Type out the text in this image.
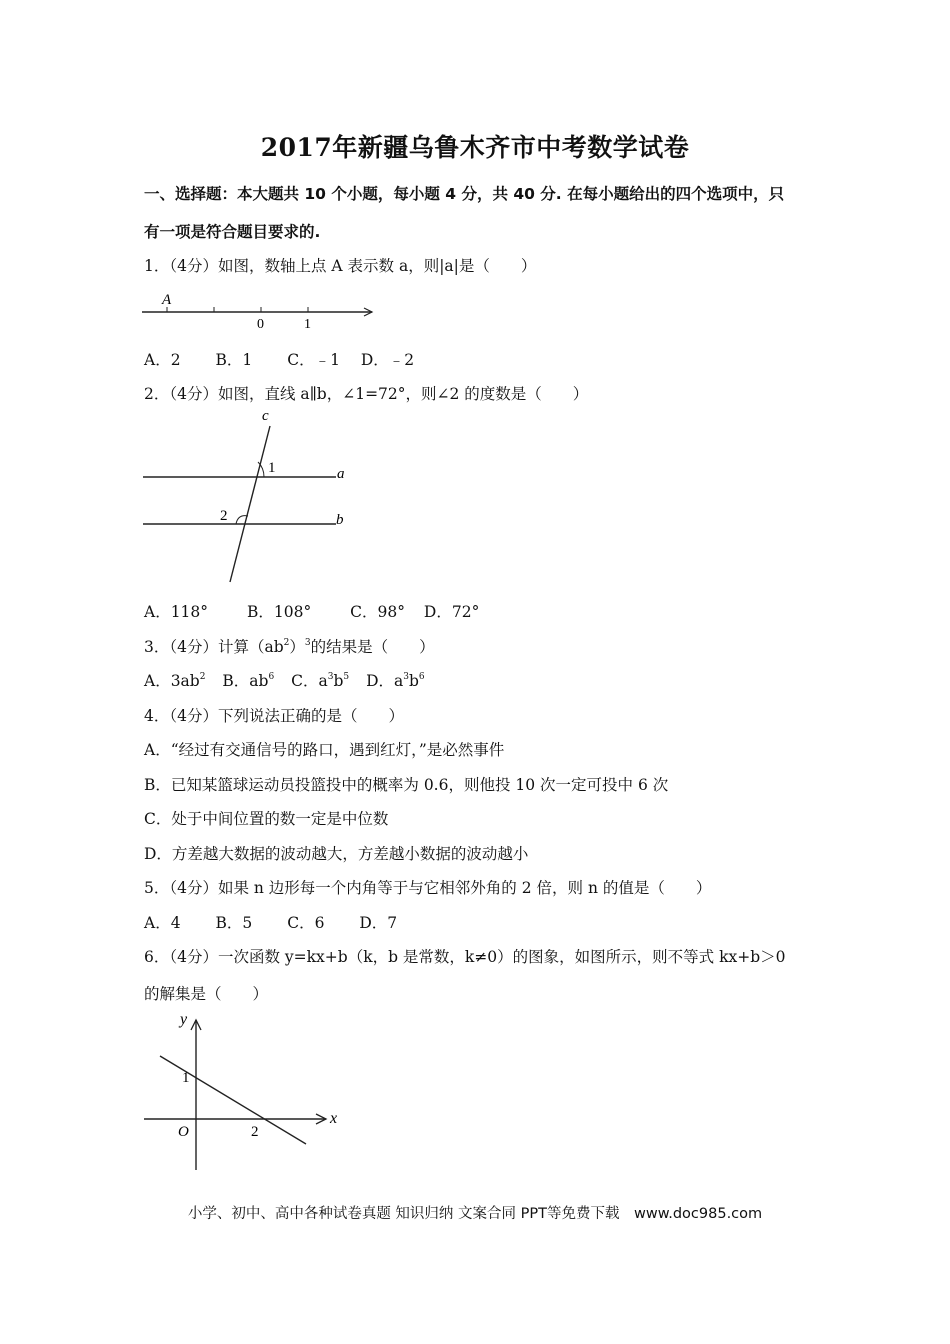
2017年新疆乌鲁木齐市中考数学试卷
一、选择题：本大题共 10 个小题，每小题 4 分，共 40 分. 在每小题给出的四个选项中，只
有一项是符合题目要求的.
1．（4分）如图，数轴上点 A 表示数 a，则|a|是（　　）
A
0	1
A．2 B．1 C．﹣1 D．﹣2
2．（4分）如图，直线 a∥b，∠1=72°，则∠2 的度数是（　　）
c
1	a
2	b
A．118°	B．108°	C．98° D．72°
3．（4分）计算$(ab^2)^3$的结果是（　　）
A．$3ab^2$ B．$ab^6$ C．$a^3b^5$ D．$a^3b^6$
4．（4分）下列说法正确的是（　　）
A．“经过有交通信号的路口，遇到红灯，”是必然事件
B．已知某篮球运动员投篮投中的概率为 0.6，则他投 10 次一定可投中 6 次
C．处于中间位置的数一定是中位数
D．方差越大数据的波动越大，方差越小数据的波动越小
5．（4分）如果 n 边形每一个内角等于与它相邻外角的 2 倍，则 n 的值是（　　）
A．4 B．5 C．6 D．7
6．（4分）一次函数 y=kx+b（k，b 是常数，k≠0）的图象，如图所示，则不等式 kx+b＞0
的解集是（　　）
y
x
O
1
2
小学、初中、高中各种试卷真题 知识归纳 文案合同 PPT等免费下载　www.doc985.com
